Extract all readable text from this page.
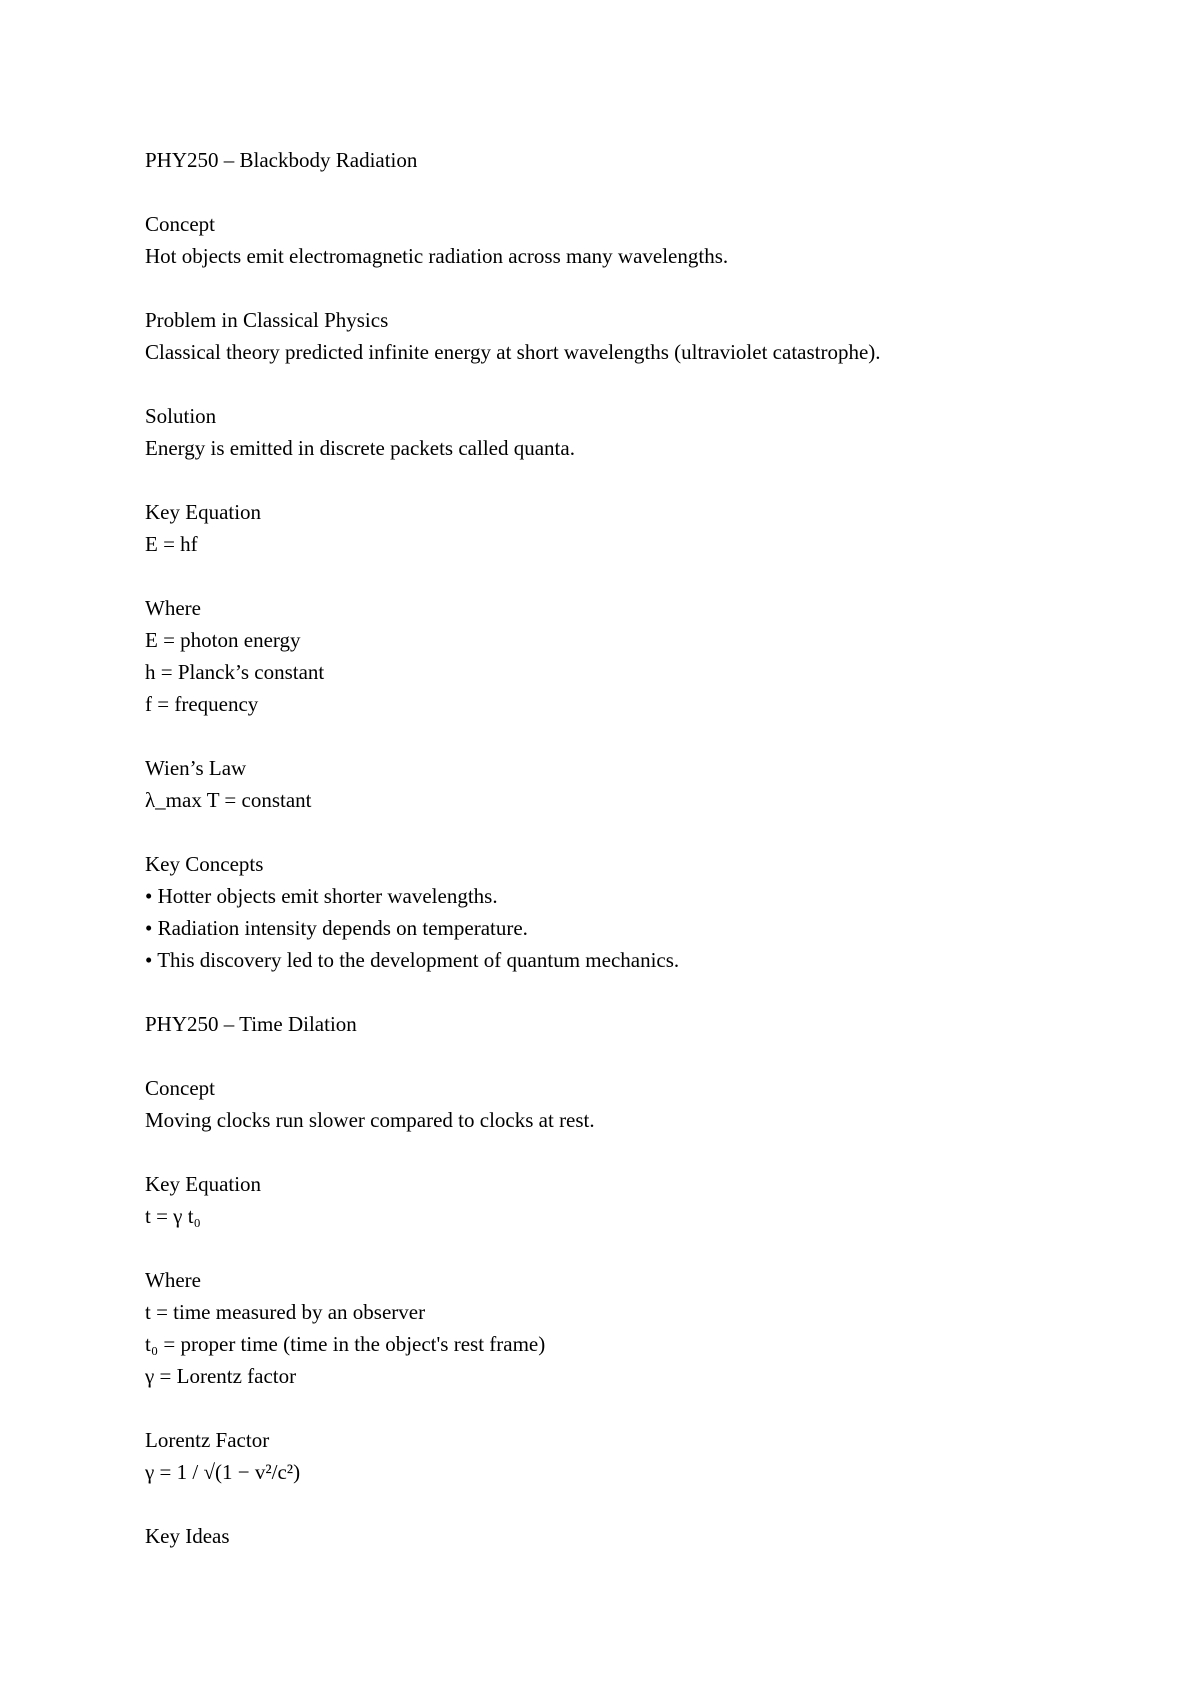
PHY250 – Blackbody Radiation
Concept
Hot objects emit electromagnetic radiation across many wavelengths.
Problem in Classical Physics
Classical theory predicted infinite energy at short wavelengths (ultraviolet catastrophe).
Solution
Energy is emitted in discrete packets called quanta.
Key Equation
E = hf
Where
E = photon energy
h = Planck’s constant
f = frequency
Wien’s Law
λ_max T = constant
Key Concepts
• Hotter objects emit shorter wavelengths.
• Radiation intensity depends on temperature.
• This discovery led to the development of quantum mechanics.
PHY250 – Time Dilation
Concept
Moving clocks run slower compared to clocks at rest.
Key Equation
t = γ t₀
Where
t = time measured by an observer
t₀ = proper time (time in the object's rest frame)
γ = Lorentz factor
Lorentz Factor
γ = 1 / √(1 − v²/c²)
Key Ideas
